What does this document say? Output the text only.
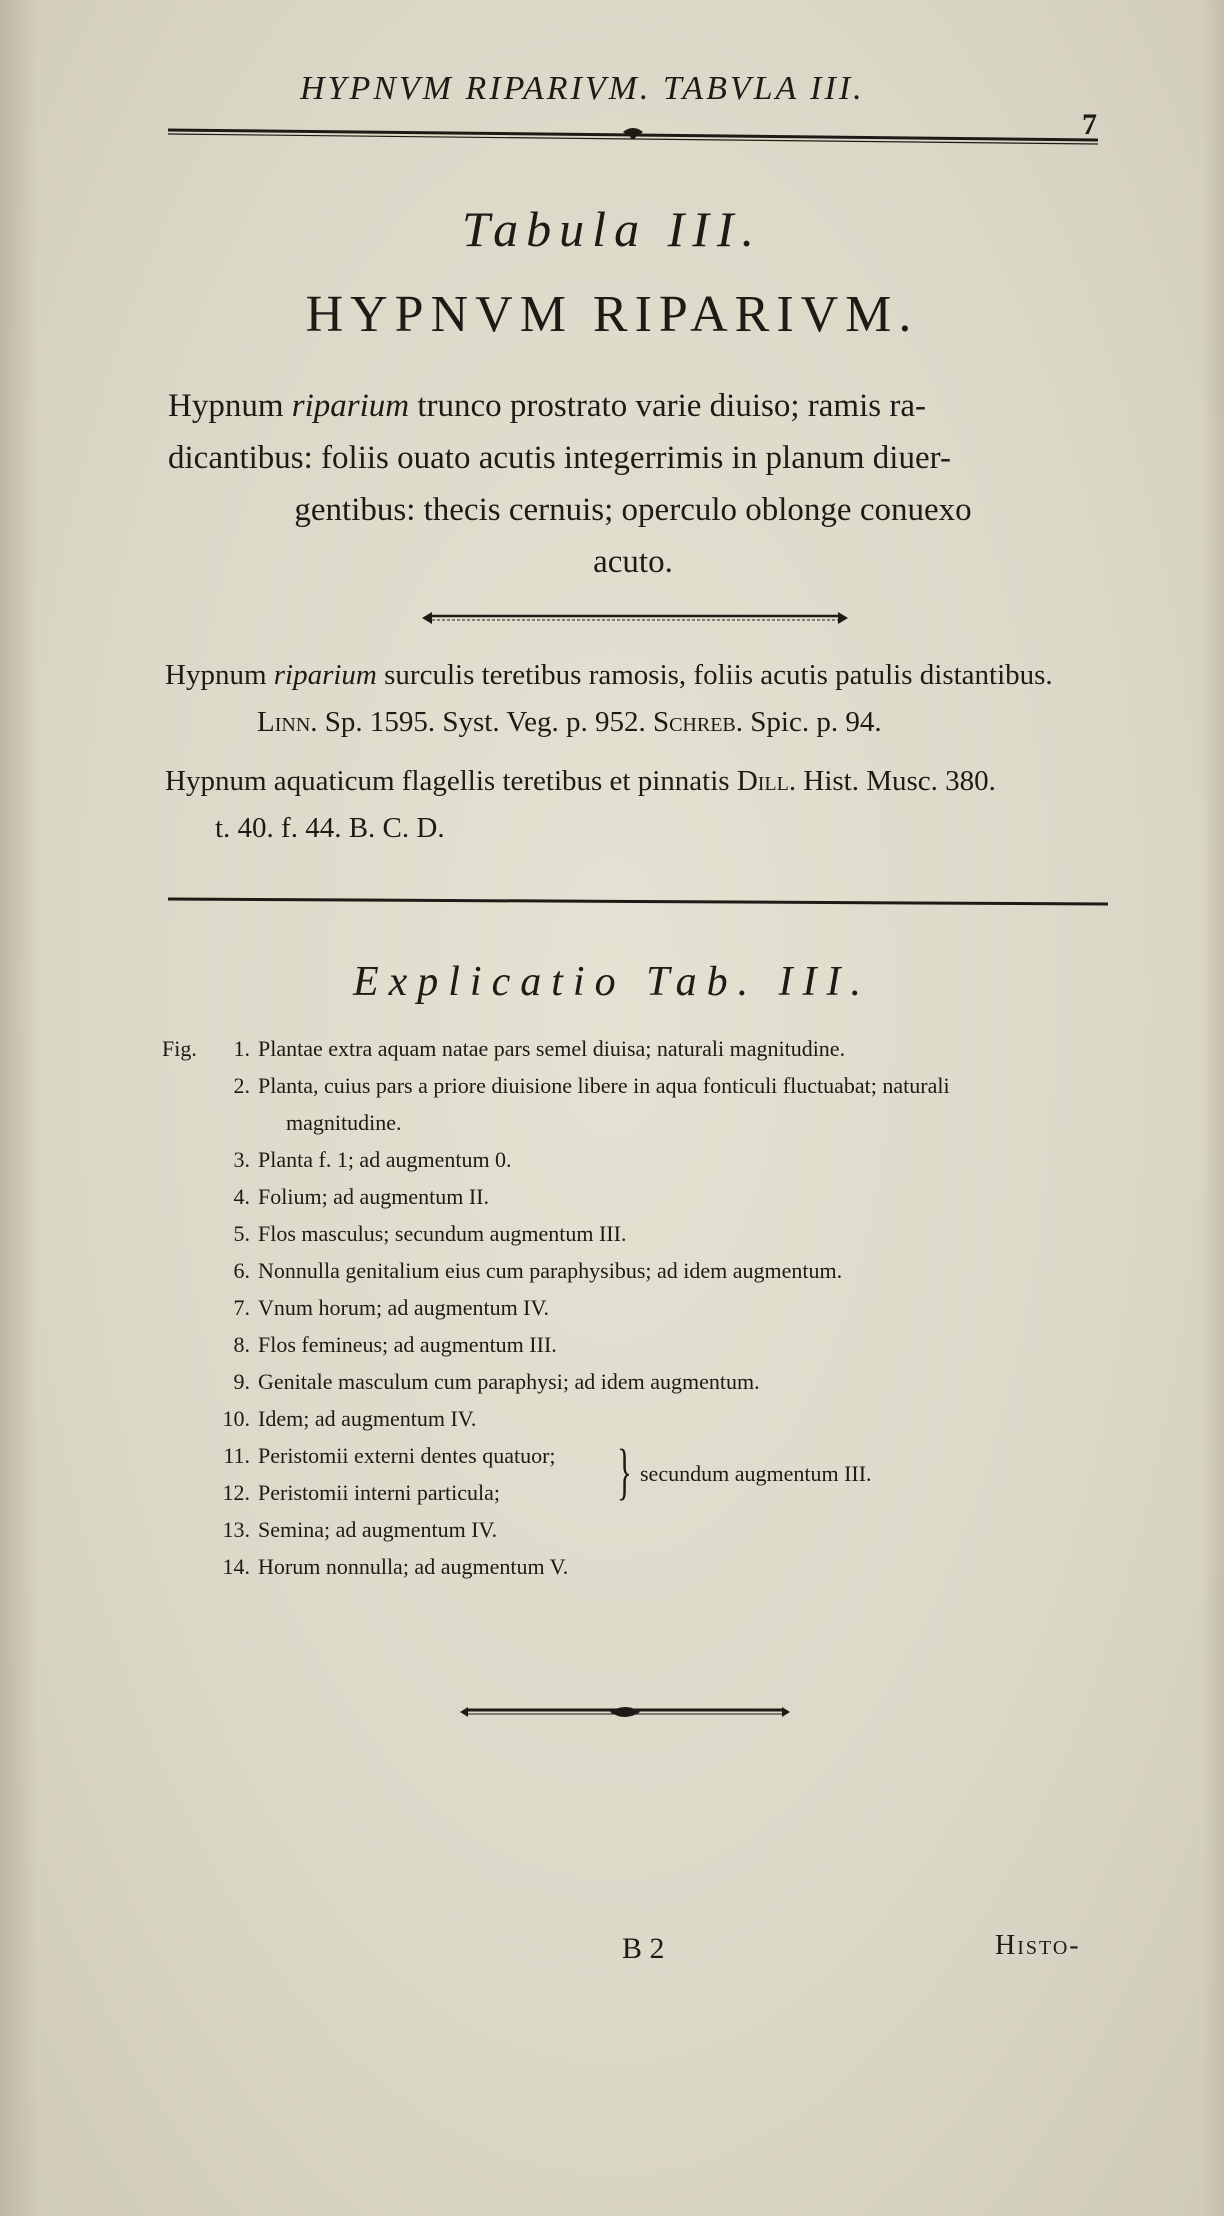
HYPNVM RIPARIVM. TABVLA III.
7
Tabula III.
HYPNVM RIPARIVM.
Hypnum riparium trunco prostrato varie diuiso; ramis ra-
dicantibus: foliis ouato acutis integerrimis in planum diuer-
gentibus: thecis cernuis; operculo oblonge conuexo
acuto.
Hypnum riparium surculis teretibus ramosis, foliis acutis patulis distantibus.
Linn. Sp. 1595. Syst. Veg. p. 952. Schreb. Spic. p. 94.
Hypnum aquaticum flagellis teretibus et pinnatis Dill. Hist. Musc. 380.
t. 40. f. 44. B. C. D.
Explicatio Tab. III.
Fig. 1. Plantae extra aquam natae pars semel diuisa; naturali magnitudine.
2. Planta, cuius pars a priore diuisione libere in aqua fonticuli fluctuabat; naturali
magnitudine.
3. Planta f. 1; ad augmentum 0.
4. Folium; ad augmentum II.
5. Flos masculus; secundum augmentum III.
6. Nonnulla genitalium eius cum paraphysibus; ad idem augmentum.
7. Vnum horum; ad augmentum IV.
8. Flos femineus; ad augmentum III.
9. Genitale masculum cum paraphysi; ad idem augmentum.
10. Idem; ad augmentum IV.
11. Peristomii externi dentes quatuor;
12. Peristomii interni particula;	} secundum augmentum III.
13. Semina; ad augmentum IV.
14. Horum nonnulla; ad augmentum V.
B 2	Histo-
